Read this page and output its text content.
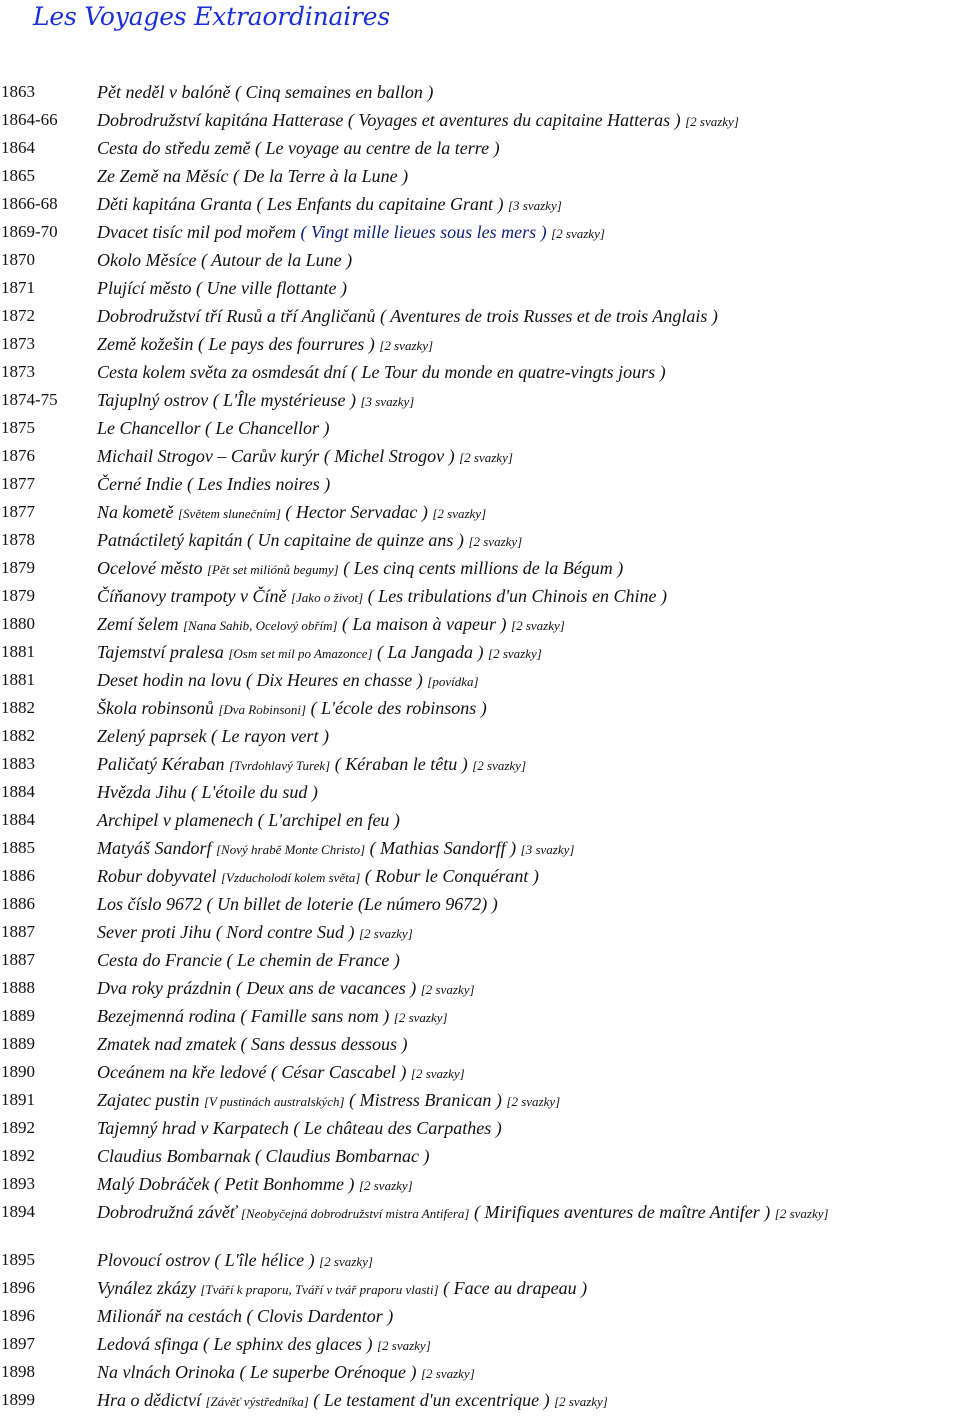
Les Voyages Extraordinaires
1863	Pět neděl v balóně ( Cinq semaines en ballon )
1864-66 Dobrodružství kapitána Hatterase ( Voyages et aventures du capitaine Hatteras ) [2 svazky]
1864	Cesta do středu země ( Le voyage au centre de la terre )
1865	Ze Země na Měsíc ( De la Terre à la Lune )
1866-68 Děti kapitána Granta ( Les Enfants du capitaine Grant ) [3 svazky]
1869-70 Dvacet tisíc mil pod mořem ( Vingt mille lieues sous les mers ) [2 svazky]
1870	Okolo Měsíce ( Autour de la Lune )
1871	Plující město ( Une ville flottante )
1872	Dobrodružství tří Rusů a tří Angličanů ( Aventures de trois Russes et de trois Anglais )
1873	Země kožešin ( Le pays des fourrures ) [2 svazky]
1873	Cesta kolem světa za osmdesát dní ( Le Tour du monde en quatre-vingts jours )
1874-75 Tajuplný ostrov ( L'Île mystérieuse ) [3 svazky]
1875	Le Chancellor ( Le Chancellor )
1876	Michail Strogov – Carův kurýr ( Michel Strogov ) [2 svazky]
1877	Černé Indie ( Les Indies noires )
1877	Na kometě [Světem slunečním] ( Hector Servadac ) [2 svazky]
1878	Patnáctiletý kapitán ( Un capitaine de quinze ans ) [2 svazky]
1879	Ocelové město [Pět set miliónů begumy] ( Les cinq cents millions de la Bégum )
1879	Číňanovy trampoty v Číně [Jako o život] ( Les tribulations d'un Chinois en Chine )
1880	Zemí šelem [Nana Sahib, Ocelový obřím] ( La maison à vapeur ) [2 svazky]
1881	Tajemství pralesa [Osm set mil po Amazonce] ( La Jangada ) [2 svazky]
1881	Deset hodin na lovu ( Dix Heures en chasse ) [povídka]
1882	Škola robinsonů [Dva Robinsoni] ( L'école des robinsons )
1882	Zelený paprsek ( Le rayon vert )
1883	Paličatý Kéraban [Tvrdohlavý Turek] ( Kéraban le têtu ) [2 svazky]
1884	Hvězda Jihu ( L'étoile du sud )
1884	Archipel v plamenech ( L'archipel en feu )
1885	Matyáš Sandorf [Nový hrabě Monte Christo] ( Mathias Sandorff ) [3 svazky]
1886	Robur dobyvatel [Vzducholodí kolem světa] ( Robur le Conquérant )
1886	Los číslo 9672 ( Un billet de loterie (Le número 9672) )
1887	Sever proti Jihu ( Nord contre Sud ) [2 svazky]
1887	Cesta do Francie ( Le chemin de France )
1888	Dva roky prázdnin ( Deux ans de vacances ) [2 svazky]
1889	Bezejmenná rodina ( Famille sans nom ) [2 svazky]
1889	Zmatek nad zmatek ( Sans dessus dessous )
1890	Oceánem na kře ledové ( César Cascabel ) [2 svazky]
1891	Zajatec pustin [V pustinách australských] ( Mistress Branican ) [2 svazky]
1892	Tajemný hrad v Karpatech ( Le château des Carpathes )
1892	Claudius Bombarnak ( Claudius Bombarnac )
1893	Malý Dobráček ( Petit Bonhomme ) [2 svazky]
1894	Dobrodružná závěť [Neobyčejná dobrodružství mistra Antifera] ( Mirifiques aventures de maître Antifer ) [2 svazky]
1895	Plovoucí ostrov ( L'île hélice ) [2 svazky]
1896	Vynález zkázy [Tváří k praporu, Tváří v tvář praporu vlasti] ( Face au drapeau )
1896	Milionář na cestách ( Clovis Dardentor )
1897	Ledová sfinga ( Le sphinx des glaces ) [2 svazky]
1898	Na vlnách Orinoka ( Le superbe Orénoque ) [2 svazky]
1899	Hra o dědictví [Závěť výstředníka] ( Le testament d'un excentrique ) [2 svazky]
